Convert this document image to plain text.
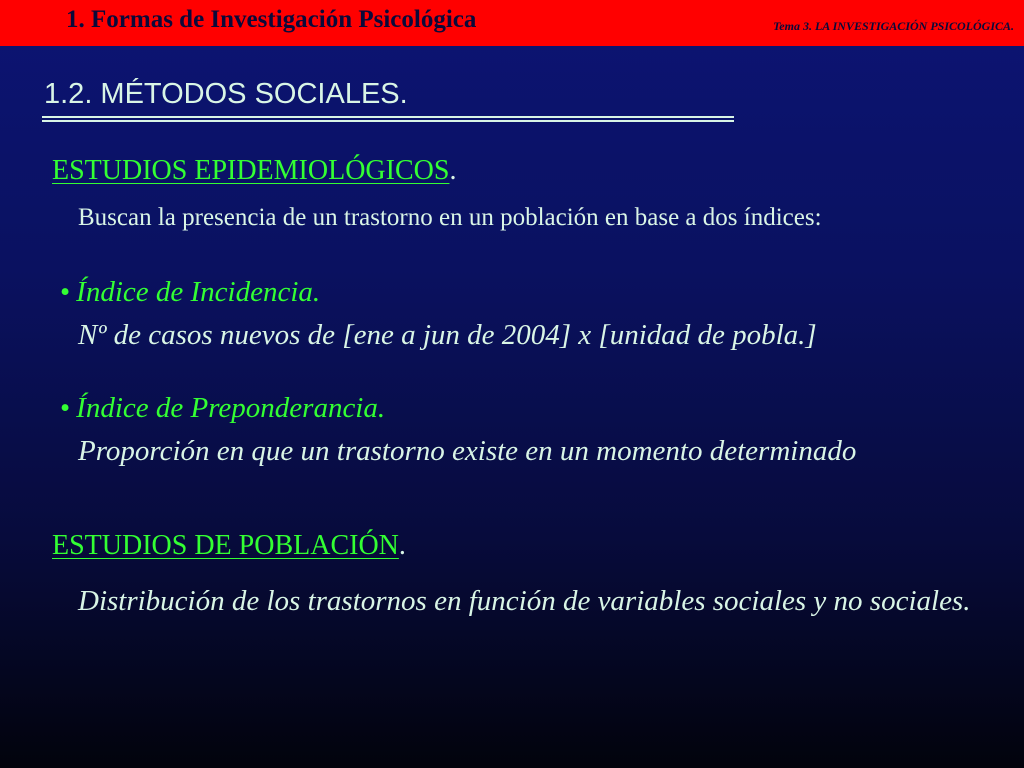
1. Formas de Investigación Psicológica	Tema 3. LA INVESTIGACIÓN PSICOLÓGICA.
1.2. MÉTODOS SOCIALES.
ESTUDIOS EPIDEMIOLÓGICOS.
Buscan la presencia de un trastorno en un población en base a dos índices:
• Índice de Incidencia.
Nº de casos nuevos de [ene a jun de 2004] x [unidad de pobla.]
• Índice de Preponderancia.
Proporción en que un trastorno existe en un momento determinado
ESTUDIOS DE POBLACIÓN.
Distribución de los trastornos en función de variables sociales y no sociales.
